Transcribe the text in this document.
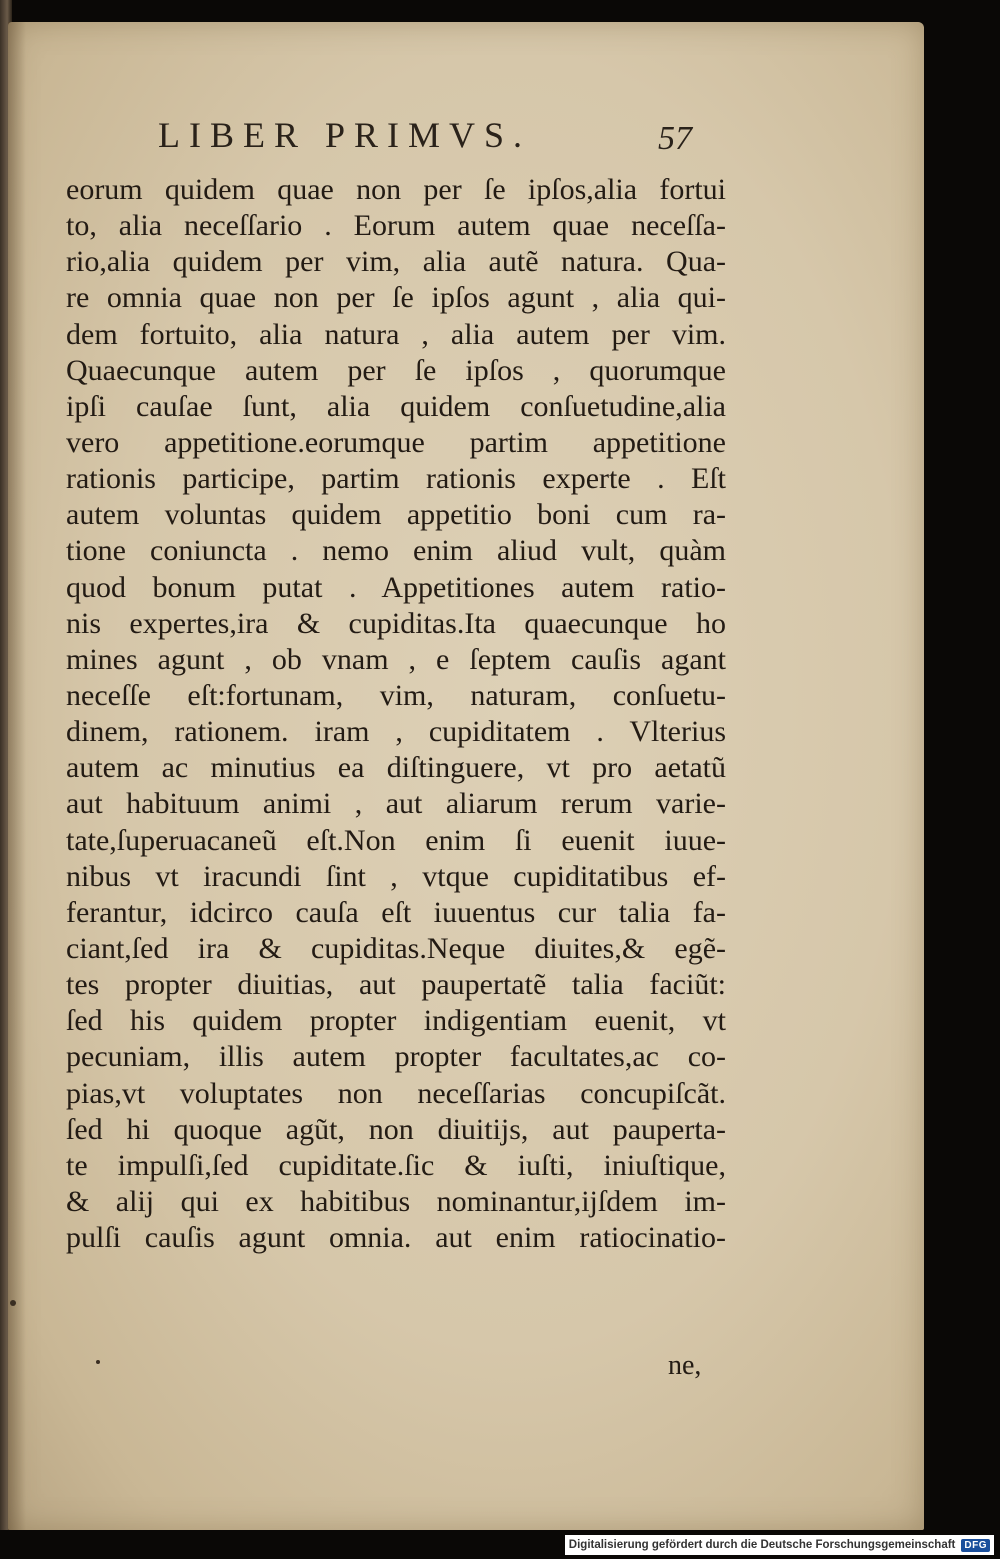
LIBER PRIMVS.	57
eorum quidem quae non per ſe ipſos,alia fortui
to, alia neceſſario . Eorum autem quae neceſſa-
rio,alia quidem per vim, alia autẽ natura. Qua-
re omnia quae non per ſe ipſos agunt , alia qui-
dem fortuito, alia natura , alia autem per vim.
Quaecunque autem per ſe ipſos , quorumque
ipſi cauſae ſunt, alia quidem conſuetudine,alia
vero appetitione.eorumque partim appetitione
rationis participe, partim rationis experte . Eſt
autem voluntas quidem appetitio boni cum ra-
tione coniuncta . nemo enim aliud vult, quàm
quod bonum putat . Appetitiones autem ratio-
nis expertes,ira & cupiditas.Ita quaecunque ho
mines agunt , ob vnam , e ſeptem cauſis agant
neceſſe eſt:fortunam, vim, naturam, conſuetu-
dinem, rationem. iram , cupiditatem . Vlterius
autem ac minutius ea diſtinguere, vt pro aetatũ
aut habituum animi , aut aliarum rerum varie-
tate,ſuperuacaneũ eſt.Non enim ſi euenit iuue-
nibus vt iracundi ſint , vtque cupiditatibus ef-
ferantur, idcirco cauſa eſt iuuentus cur talia fa-
ciant,ſed ira & cupiditas.Neque diuites,& egẽ-
tes propter diuitias, aut paupertatẽ talia faciũt:
ſed his quidem propter indigentiam euenit, vt
pecuniam, illis autem propter facultates,ac co-
pias,vt voluptates non neceſſarias concupiſcãt.
ſed hi quoque agũt, non diuitijs, aut pauperta-
te impulſi,ſed cupiditate.ſic & iuſti, iniuſtique,
& alij qui ex habitibus nominantur,ijſdem im-
pulſi cauſis agunt omnia. aut enim ratiocinatio-
ne,
Digitalisierung gefördert durch die Deutsche Forschungsgemeinschaft DFG
